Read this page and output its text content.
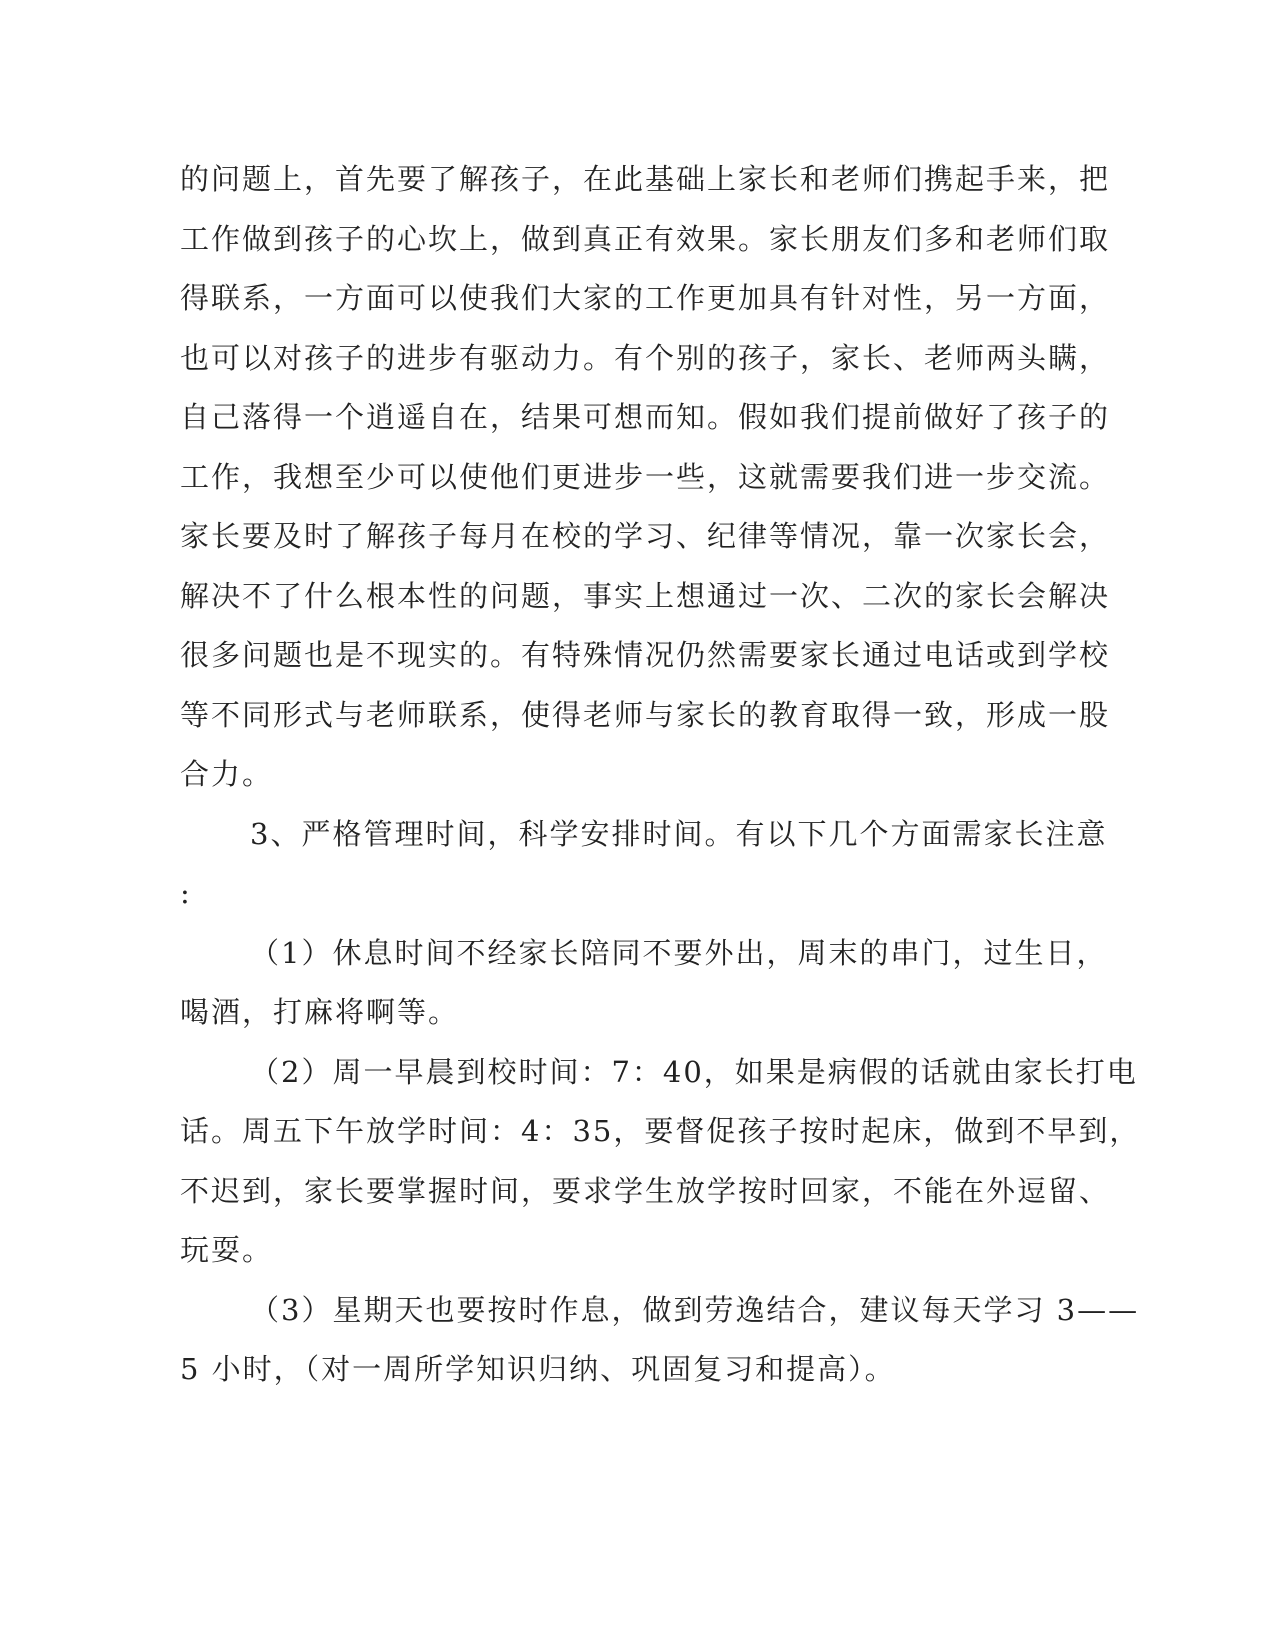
的问题上，首先要了解孩子，在此基础上家长和老师们携起手来，把
工作做到孩子的心坎上，做到真正有效果。家长朋友们多和老师们取
得联系，一方面可以使我们大家的工作更加具有针对性，另一方面，
也可以对孩子的进步有驱动力。有个别的孩子，家长、老师两头瞒，
自己落得一个逍遥自在，结果可想而知。假如我们提前做好了孩子的
工作，我想至少可以使他们更进步一些，这就需要我们进一步交流。
家长要及时了解孩子每月在校的学习、纪律等情况，靠一次家长会，
解决不了什么根本性的问题，事实上想通过一次、二次的家长会解决
很多问题也是不现实的。有特殊情况仍然需要家长通过电话或到学校
等不同形式与老师联系，使得老师与家长的教育取得一致，形成一股
合力。

3、严格管理时间，科学安排时间。有以下几个方面需家长注意
:

（1）休息时间不经家长陪同不要外出，周末的串门，过生日，
喝酒，打麻将啊等。

（2）周一早晨到校时间：7：40，如果是病假的话就由家长打电
话。周五下午放学时间：4：35，要督促孩子按时起床，做到不早到，
不迟到，家长要掌握时间，要求学生放学按时回家，不能在外逗留、
玩耍。

（3）星期天也要按时作息，做到劳逸结合，建议每天学习 3——
5 小时，（对一周所学知识归纳、巩固复习和提高）。
